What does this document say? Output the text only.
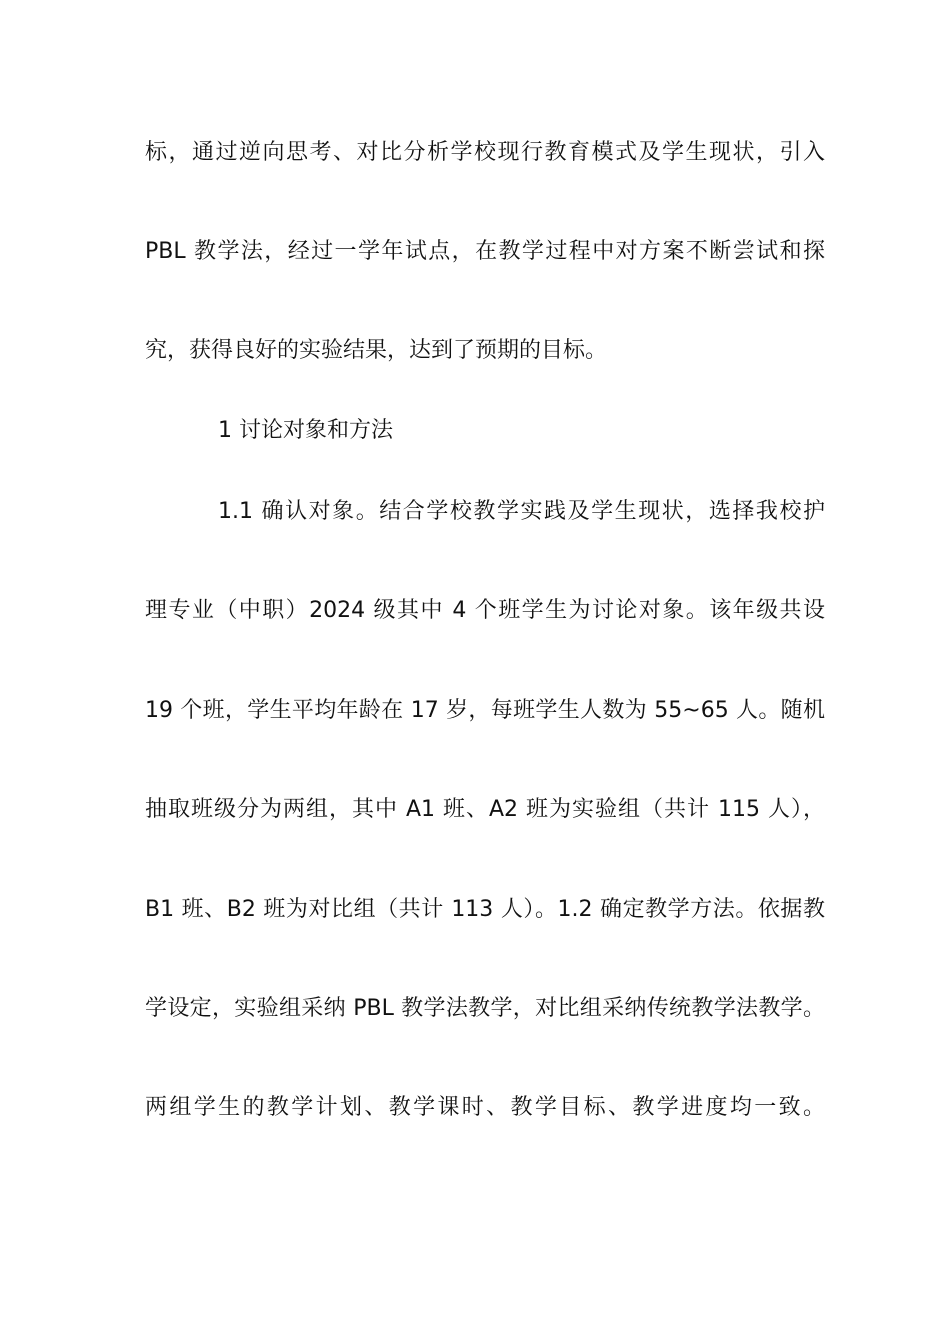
标，通过逆向思考、对比分析学校现行教育模式及学生现状，引入
PBL 教学法，经过一学年试点，在教学过程中对方案不断尝试和探
究，获得良好的实验结果，达到了预期的目标。
1 讨论对象和方法
1.1 确认对象。结合学校教学实践及学生现状，选择我校护
理专业（中职）2024 级其中 4 个班学生为讨论对象。该年级共设
19 个班，学生平均年龄在 17 岁，每班学生人数为 55~65 人。随机
抽取班级分为两组，其中 A1 班、A2 班为实验组（共计 115 人），
B1 班、B2 班为对比组（共计 113 人）。1.2 确定教学方法。依据教
学设定，实验组采纳 PBL 教学法教学，对比组采纳传统教学法教学。
两组学生的教学计划、教学课时、教学目标、教学进度均一致。
